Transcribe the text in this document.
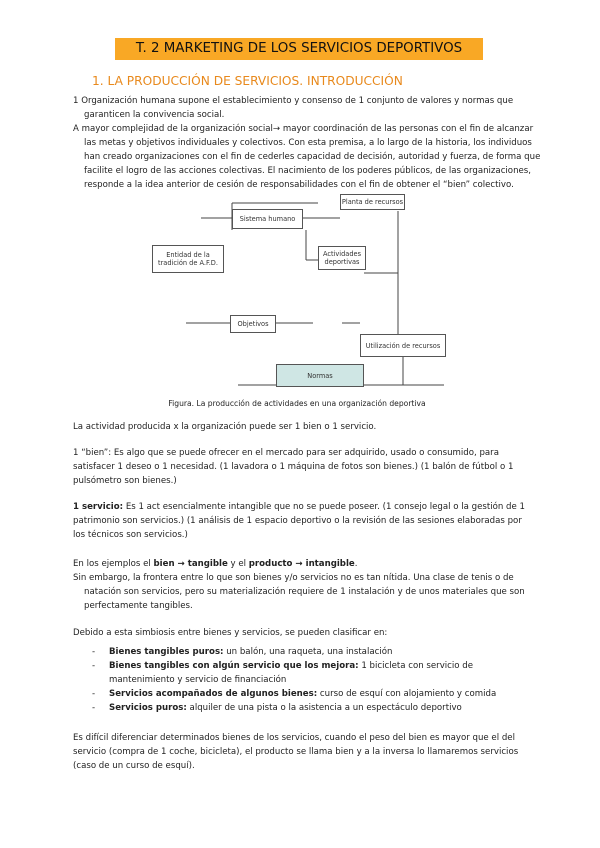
T. 2 MARKETING DE LOS SERVICIOS DEPORTIVOS
1. LA PRODUCCIÓN DE SERVICIOS. INTRODUCCIÓN

1 Organización humana supone el establecimiento y consenso de 1 conjunto de valores y normas que garanticen la convivencia social.

A mayor complejidad de la organización social→ mayor coordinación de las personas con el fin de alcanzar las metas y objetivos individuales y colectivos. Con esta premisa, a lo largo de la historia, los individuos han creado organizaciones con el fin de cederles capacidad de decisión, autoridad y fuerza, de forma que facilite el logro de las acciones colectivas. El nacimiento de los poderes públicos, de las organizaciones, responde a la idea anterior de cesión de responsabilidades con el fin de obtener el “bien” colectivo.

Sistema humano
Planta de recursos
Entidad de la tradición de A.F.D.
Actividades deportivas
Objetivos
Utilización de recursos
Normas
Figura. La producción de actividades en una organización deportiva

La actividad producida x la organización puede ser 1 bien o 1 servicio.

1 “bien”: Es algo que se puede ofrecer en el mercado para ser adquirido, usado o consumido, para satisfacer 1 deseo o 1 necesidad. (1 lavadora o 1 máquina de fotos son bienes.) (1 balón de fútbol o 1 pulsómetro son bienes.)

1 servicio: Es 1 act esencialmente intangible que no se puede poseer. (1 consejo legal o la gestión de 1 patrimonio son servicios.) (1 análisis de 1 espacio deportivo o la revisión de las sesiones elaboradas por los técnicos son servicios.)

En los ejemplos el bien → tangible y el producto → intangible.

Sin embargo, la frontera entre lo que son bienes y/o servicios no es tan nítida. Una clase de tenis o de natación son servicios, pero su materialización requiere de 1 instalación y de unos materiales que son perfectamente tangibles.

Debido a esta simbiosis entre bienes y servicios, se pueden clasificar en:

- Bienes tangibles puros: un balón, una raqueta, una instalación
- Bienes tangibles con algún servicio que los mejora: 1 bicicleta con servicio de mantenimiento y servicio de financiación
- Servicios acompañados de algunos bienes: curso de esquí con alojamiento y comida
- Servicios puros: alquiler de una pista o la asistencia a un espectáculo deportivo

Es difícil diferenciar determinados bienes de los servicios, cuando el peso del bien es mayor que el del servicio (compra de 1 coche, bicicleta), el producto se llama bien y a la inversa lo llamaremos servicios (caso de un curso de esquí).
